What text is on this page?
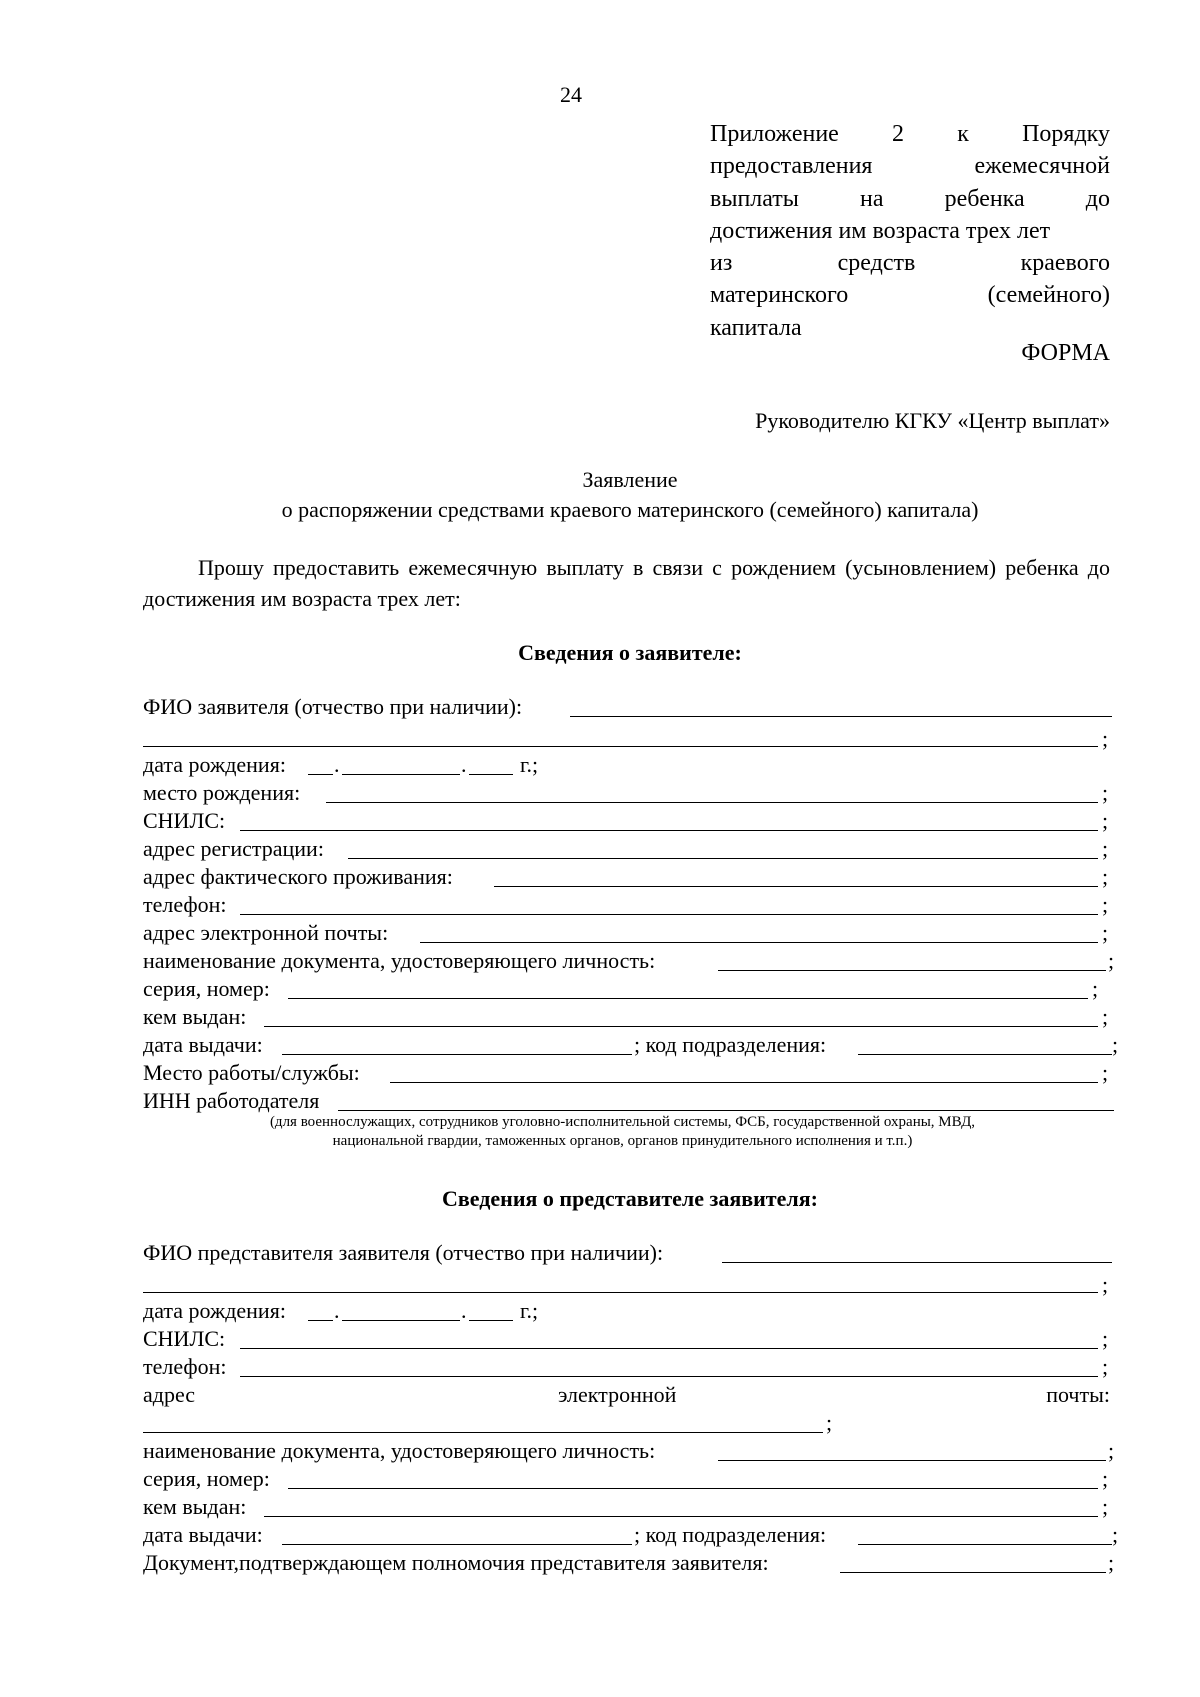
24
Приложение 2 к Порядку
предоставления	ежемесячной
выплаты	на	ребенка	до
достижения им возраста трех лет
из	средств	краевого
материнского	(семейного)
капитала
ФОРМА
Руководителю КГКУ «Центр выплат»
Заявление
о распоряжении средствами краевого материнского (семейного) капитала)
Прошу предоставить ежемесячную выплату в связи с рождением (усыновлением) ребенка до достижения им возраста трех лет:
Сведения о заявителе:
ФИО заявителя (отчество при наличии):
;
дата рождения: .	. г.;
место рождения:	;
СНИЛС:	;
адрес регистрации:	;
адрес фактического проживания:	;
телефон:	;
адрес электронной почты:	;
наименование документа, удостоверяющего личность:	;
серия, номер:	;
кем выдан:	;
дата выдачи:	; код подразделения:	;
Место работы/службы:	;
ИНН работодателя
(для военнослужащих, сотрудников уголовно-исполнительной системы, ФСБ, государственной охраны, МВД,
национальной гвардии, таможенных органов, органов принудительного исполнения и т.п.)
Сведения о представителе заявителя:
ФИО представителя заявителя (отчество при наличии):
;
дата рождения: .	. г.;
СНИЛС:	;
телефон:	;
адрес	электронной	почты:
;
наименование документа, удостоверяющего личность:	;
серия, номер:	;
кем выдан:	;
дата выдачи:	; код подразделения:	;
Документ,подтверждающем полномочия представителя заявителя:	;
